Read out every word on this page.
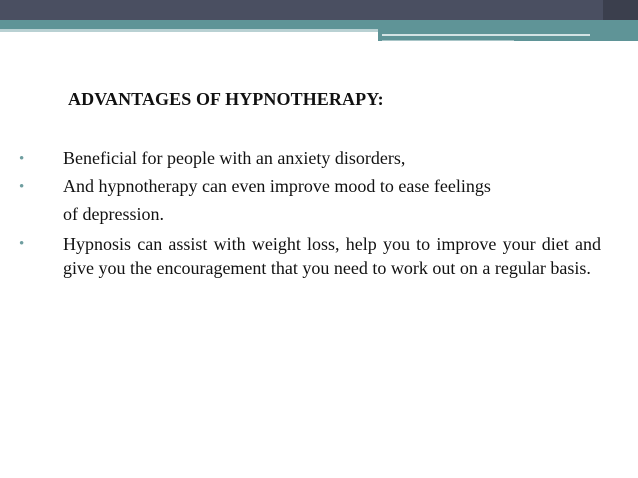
ADVANTAGES OF HYPNOTHERAPY:
• Beneficial for people with an anxiety disorders,
• And hypnotherapy can even improve mood to ease feelings
of depression.
• Hypnosis can assist with weight loss, help you to improve your diet and give you the encouragement that you need to work out on a regular basis.
